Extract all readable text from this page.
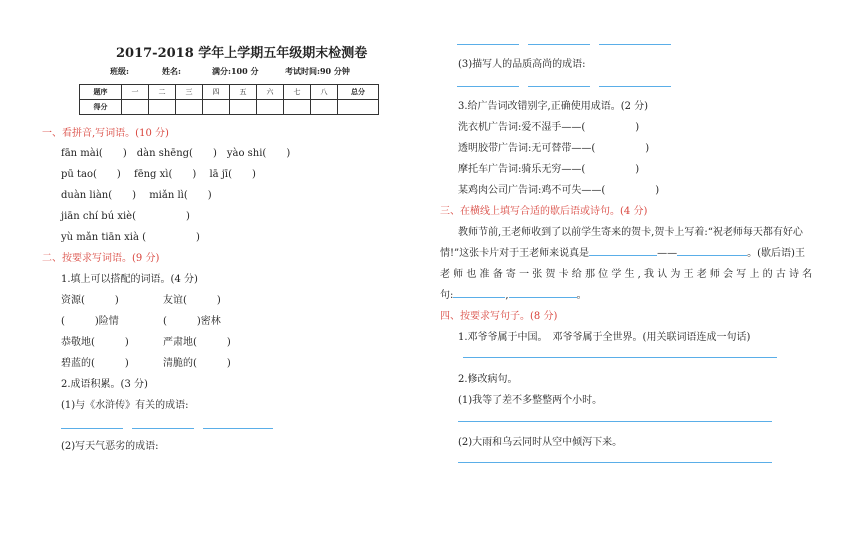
2017-2018 学年上学期五年级期末检测卷
班级:	姓名:	满分:100 分	考试时间:90 分钟
题序	一	二	三	四	五	六	七	八	总分
得分									
一、看拼音,写词语。(10 分)
fān mài(　　)　dàn shēng(　　)　yào shi(　　)
pū tao(　　)　 fēng xì(　　)　 lā jī(　　)
duàn liàn(　　)　 miǎn lì(　　)
jiān chí bú xiè(　　　　　)
yù mǎn tiān xià (　　　　　)
二、按要求写词语。(9 分)
1.填上可以搭配的词语。(4 分)
资源(　　　)	友谊(　　　)
(　　　)险情	(　　　)密林
恭敬地(　　　)	严肃地(　　　)
碧蓝的(　　　)	清脆的(　　　)
2.成语积累。(3 分)
(1)与《水浒传》有关的成语:
(2)写天气恶劣的成语:
(3)描写人的品质高尚的成语:
3.给广告词改错别字,正确使用成语。(2 分)
洗衣机广告词:爱不湿手——(　　　　　)
透明胶带广告词:无可替带——(　　　　　)
摩托车广告词:骑乐无穷——(　　　　　)
某鸡肉公司广告词:鸡不可失——(　　　　　)
三、在横线上填写合适的歇后语或诗句。(4 分)
教师节前,王老师收到了以前学生寄来的贺卡,贺卡上写着:“祝老师每天都有好心
情!”这张卡片对于王老师来说真是	——	。(歇后语)王
老 师 也 准 备 寄 一 张 贺 卡 给 那 位 学 生 , 我 认 为 王 老 师 会 写 上 的 古 诗 名
句:	,	。
四、按要求写句子。(8 分)
1.邓爷爷属于中国。　邓爷爷属于全世界。(用关联词语连成一句话)
2.修改病句。
(1)我等了差不多整整两个小时。
(2)大雨和乌云同时从空中倾泻下来。
